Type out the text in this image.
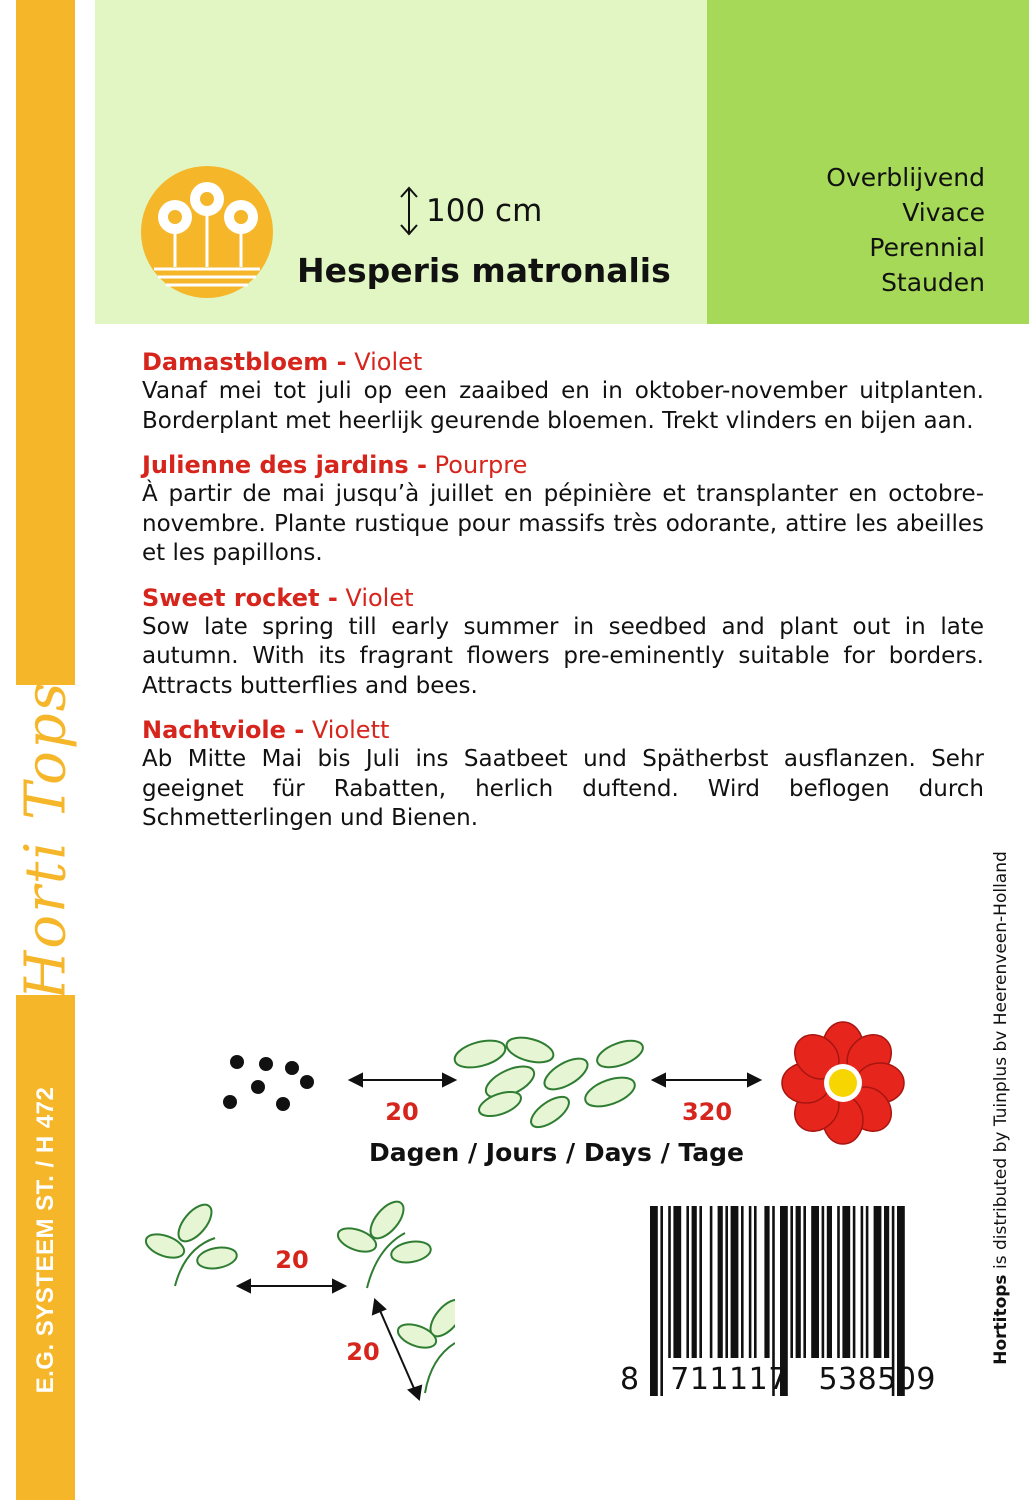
Horti Tops
E.G. SYSTEEM ST. / H 472
100 cm
Hesperis matronalis
Overblijvend
Vivace
Perennial
Stauden
Damastbloem - Violet
Vanaf mei tot juli op een zaaibed en in oktober-november uitplanten. Borderplant met heerlijk geurende bloemen. Trekt vlinders en bijen aan.
Julienne des jardins - Pourpre
À partir de mai jusqu’à juillet en pépinière et transplanter en octobre-novembre. Plante rustique pour massifs très odorante, attire les abeilles et les papillons.
Sweet rocket - Violet
Sow late spring till early summer in seedbed and plant out in late autumn. With its fragrant flowers pre-eminently suitable for borders. Attracts butterflies and bees.
Nachtviole - Violett
Ab Mitte Mai bis Juli ins Saatbeet und Spätherbst ausflanzen. Sehr geeignet für Rabatten, herlich duftend. Wird beflogen durch Schmetterlingen und Bienen.
Hortitops is distributed by Tuinplus bv Heerenveen-Holland
20	320
Dagen / Jours / Days / Tage
20
20
8 711117 538509
